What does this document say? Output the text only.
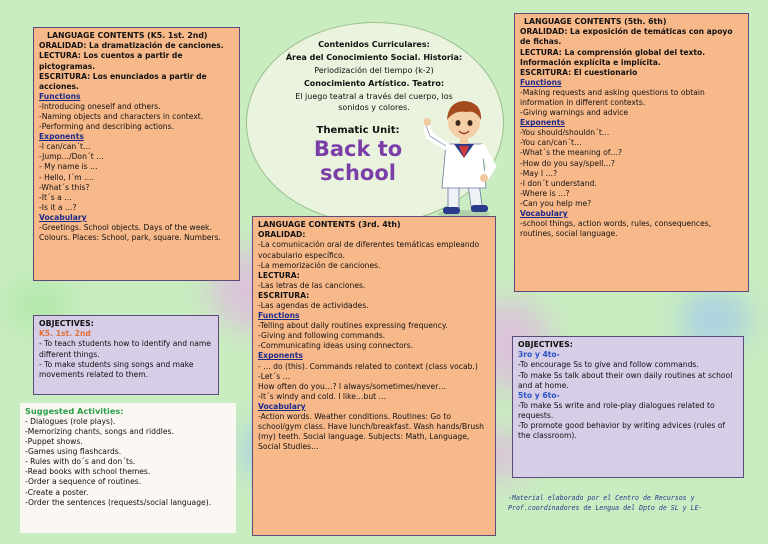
LANGUAGE CONTENTS (K5. 1st. 2nd)
ORALIDAD: La dramatización de canciones.
LECTURA: Los cuentos a partir de pictogramas.
ESCRITURA: Los enunciados a partir de acciones.
Functions
-Introducing oneself and others.
-Naming objects and characters in context.
-Performing and describing actions.
Exponents
-I can/can´t…
-Jump…/Don´t …
- My name is …
- Hello, I´m ….
-What´s this?
-It´s a …
-Is it a …?
Vocabulary
-Greetings. School objects. Days of the week. Colours. Places: School, park, square. Numbers.
Contenidos Curriculares:
Área del Conocimiento Social. Historia:
Periodización del tiempo (k-2)
Conocimiento Artístico. Teatro:
El juego teatral a través del cuerpo, los sonidos y colores.
Thematic Unit:
Back to
school
LANGUAGE CONTENTS (5th. 6th)
ORALIDAD: La exposición de temáticas con apoyo de fichas.
LECTURA: La comprensión global del texto. Información explícita e implícita.
ESCRITURA: El cuestionario
Functions
-Making requests and asking questions to obtain information in different contexts.
-Giving warnings and advice
Exponents
-You should/shouldn´t…
-You can/can´t…
-What´s the meaning of…?
-How do you say/spell…?
-May I …?
-I don´t understand.
-Where is …?
-Can you help me?
Vocabulary
-school things, action words, rules, consequences, routines, social language.
LANGUAGE CONTENTS (3rd. 4th)
ORALIDAD:
-La comunicación oral de diferentes temáticas empleando vocabulario específico.
-La memorización de canciones.
LECTURA:
-Las letras de las canciones.
ESCRITURA:
-Las agendas de actividades.
Functions
-Telling about daily routines expressing frequency.
-Giving and following commands.
-Communicating ideas using connectors.
Exponents
- … do (this). Commands related to context (class vocab.)
-Let´s …
How often do you…? I always/sometimes/never…
-It´s windy and cold. I like…but …
Vocabulary
-Action words. Weather conditions. Routines: Go to school/gym class. Have lunch/breakfast. Wash hands/Brush (my) teeth. Social language. Subjects: Math, Language, Social Studies…
OBJECTIVES:
K5. 1st. 2nd
- To teach students how to identify and name different things.
- To make students sing songs and make movements related to them.
Suggested Activities:
- Dialogues (role plays).
-Memorizing chants, songs and riddles.
-Puppet shows.
-Games using flashcards.
- Rules with do´s and don´ts.
-Read books with school themes.
-Order a sequence of routines.
-Create a poster.
-Order the sentences (requests/social language).
OBJECTIVES:
3ro y 4to-
-To encourage Ss to give and follow commands.
-To make Ss talk about their own daily routines at school and at home.
5to y 6to-
-To make Ss write and role-play dialogues related to requests.
-To promote good behavior by writing advices (rules of the classroom).
-Material elaborado por el Centro de Recursos y
Prof.coordinadores de Lengua del Dpto de SL y LE-
